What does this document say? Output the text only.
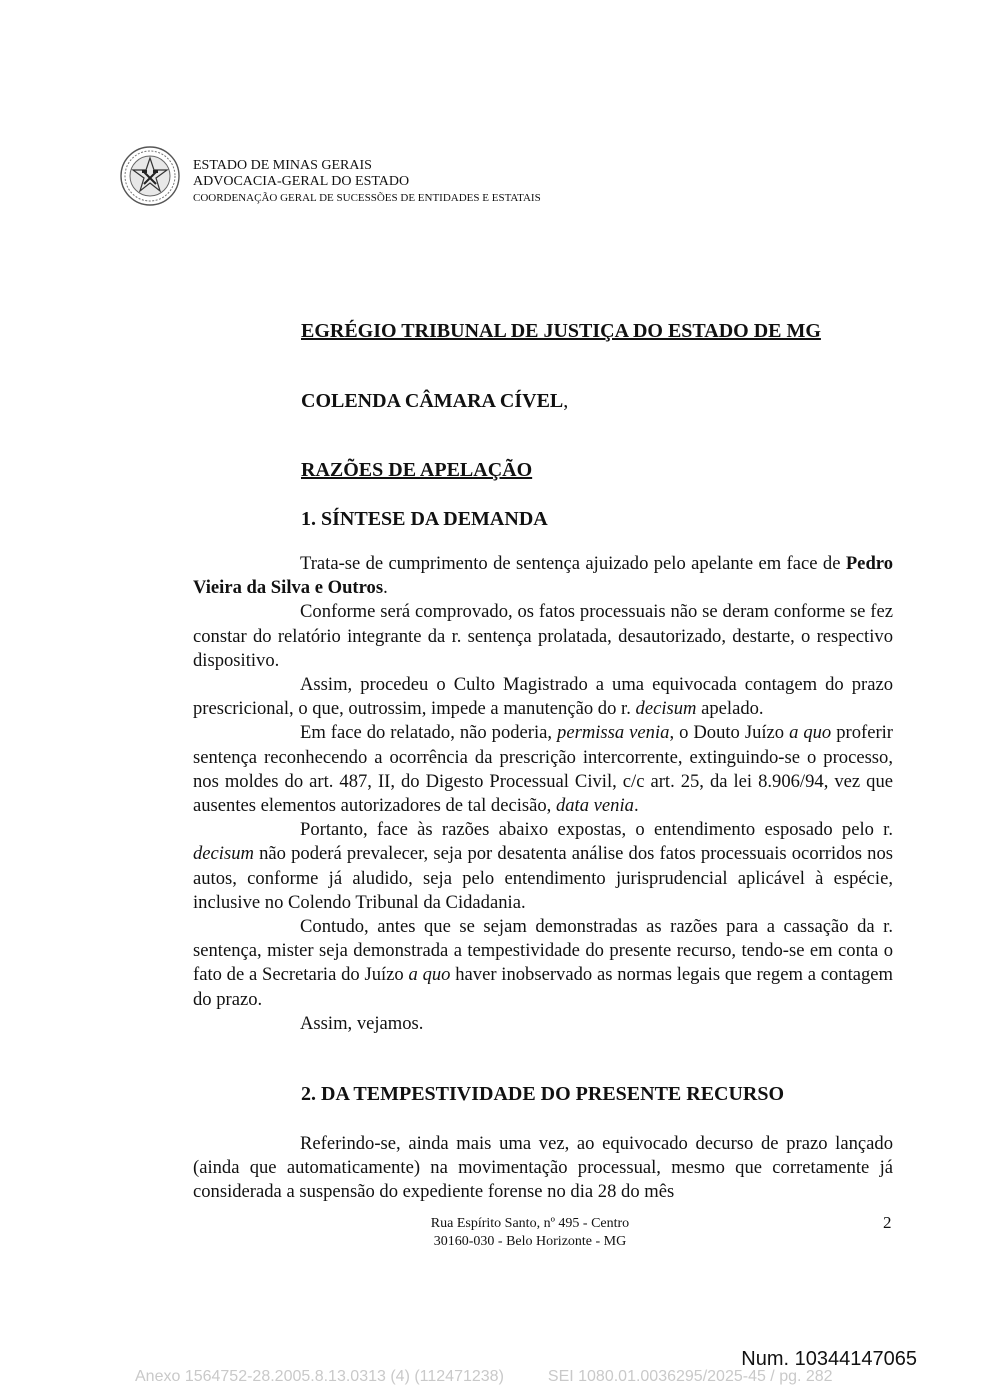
ESTADO DE MINAS GERAIS
ADVOCACIA-GERAL DO ESTADO
COORDENAÇÃO GERAL DE SUCESSÕES DE ENTIDADES E ESTATAIS
EGRÉGIO TRIBUNAL DE JUSTIÇA DO ESTADO DE MG
COLENDA CÂMARA CÍVEL,
RAZÕES DE APELAÇÃO
1. SÍNTESE DA DEMANDA

Trata-se de cumprimento de sentença ajuizado pelo apelante em face de Pedro Vieira da Silva e Outros.

Conforme será comprovado, os fatos processuais não se deram conforme se fez constar do relatório integrante da r. sentença prolatada, desautorizado, destarte, o respectivo dispositivo.

Assim, procedeu o Culto Magistrado a uma equivocada contagem do prazo prescricional, o que, outrossim, impede a manutenção do r. decisum apelado.

Em face do relatado, não poderia, permissa venia, o Douto Juízo a quo proferir sentença reconhecendo a ocorrência da prescrição intercorrente, extinguindo-se o processo, nos moldes do art. 487, II, do Digesto Processual Civil, c/c art. 25, da lei 8.906/94, vez que ausentes elementos autorizadores de tal decisão, data venia.

Portanto, face às razões abaixo expostas, o entendimento esposado pelo r. decisum não poderá prevalecer, seja por desatenta análise dos fatos processuais ocorridos nos autos, conforme já aludido, seja pelo entendimento jurisprudencial aplicável à espécie, inclusive no Colendo Tribunal da Cidadania.

Contudo, antes que se sejam demonstradas as razões para a cassação da r. sentença, mister seja demonstrada a tempestividade do presente recurso, tendo-se em conta o fato de a Secretaria do Juízo a quo haver inobservado as normas legais que regem a contagem do prazo.

Assim, vejamos.

2. DA TEMPESTIVIDADE DO PRESENTE RECURSO

Referindo-se, ainda mais uma vez, ao equivocado decurso de prazo lançado (ainda que automaticamente) na movimentação processual, mesmo que corretamente já considerada a suspensão do expediente forense no dia 28 do mês

Rua Espírito Santo, nº 495 - Centro
30160-030 - Belo Horizonte - MG
2
Num. 10344147065
Anexo 1564752-28.2005.8.13.0313 (4) (112471238)	SEI 1080.01.0036295/2025-45 / pg. 282
